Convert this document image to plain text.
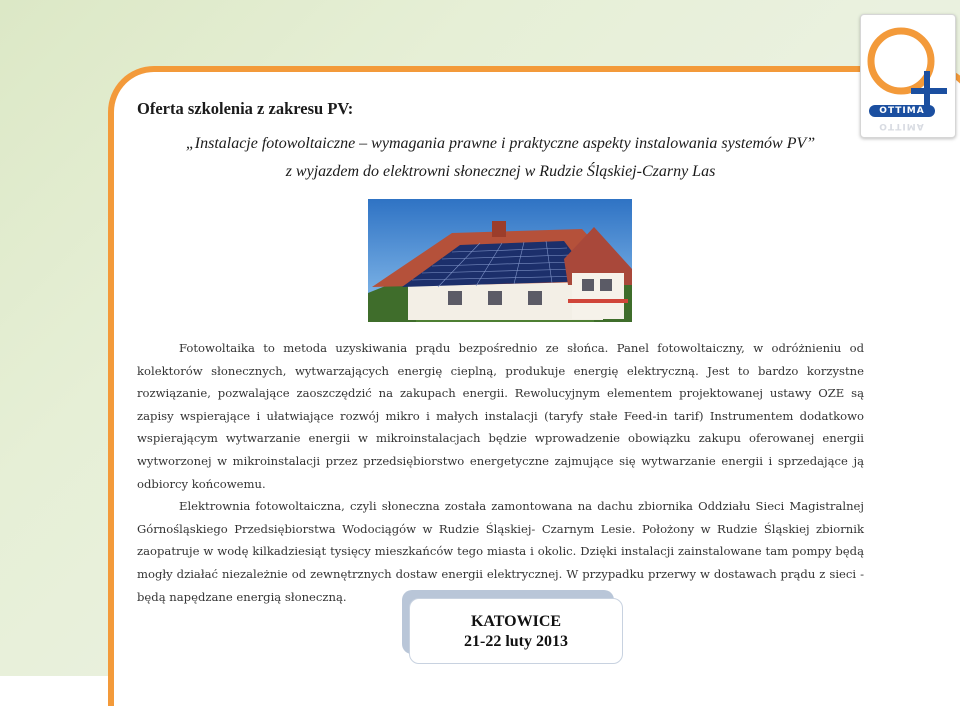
OTTIMA
OTTIMA
Oferta szkolenia z zakresu PV:
„Instalacje fotowoltaiczne – wymagania prawne i praktyczne aspekty instalowania systemów PV”
z wyjazdem do elektrowni słonecznej w Rudzie Śląskiej-Czarny Las

Fotowoltaika to metoda uzyskiwania prądu bezpośrednio ze słońca. Panel fotowoltaiczny, w odróżnieniu od kolektorów słonecznych, wytwarzających energię cieplną, produkuje energię elektryczną. Jest to bardzo korzystne rozwiązanie, pozwalające zaoszczędzić na zakupach energii. Rewolucyjnym elementem projektowanej ustawy OZE są zapisy wspierające i ułatwiające rozwój mikro i małych instalacji (taryfy stałe Feed-in tarif) Instrumentem dodatkowo wspierającym wytwarzanie energii w mikroinstalacjach będzie wprowadzenie obowiązku zakupu oferowanej energii wytworzonej w mikroinstalacji przez przedsiębiorstwo energetyczne zajmujące się wytwarzanie energii i sprzedające ją odbiorcy końcowemu.

Elektrownia fotowoltaiczna, czyli słoneczna została zamontowana na dachu zbiornika Oddziału Sieci Magistralnej Górnośląskiego Przedsiębiorstwa Wodociągów w Rudzie Śląskiej- Czarnym Lesie. Położony w Rudzie Śląskiej zbiornik zaopatruje w wodę kilkadziesiąt tysięcy mieszkańców tego miasta i okolic. Dzięki instalacji zainstalowane tam pompy będą mogły działać niezależnie od zewnętrznych dostaw energii elektrycznej. W przypadku przerwy w dostawach prądu z sieci - będą napędzane energią słoneczną.

KATOWICE
21-22 luty 2013
